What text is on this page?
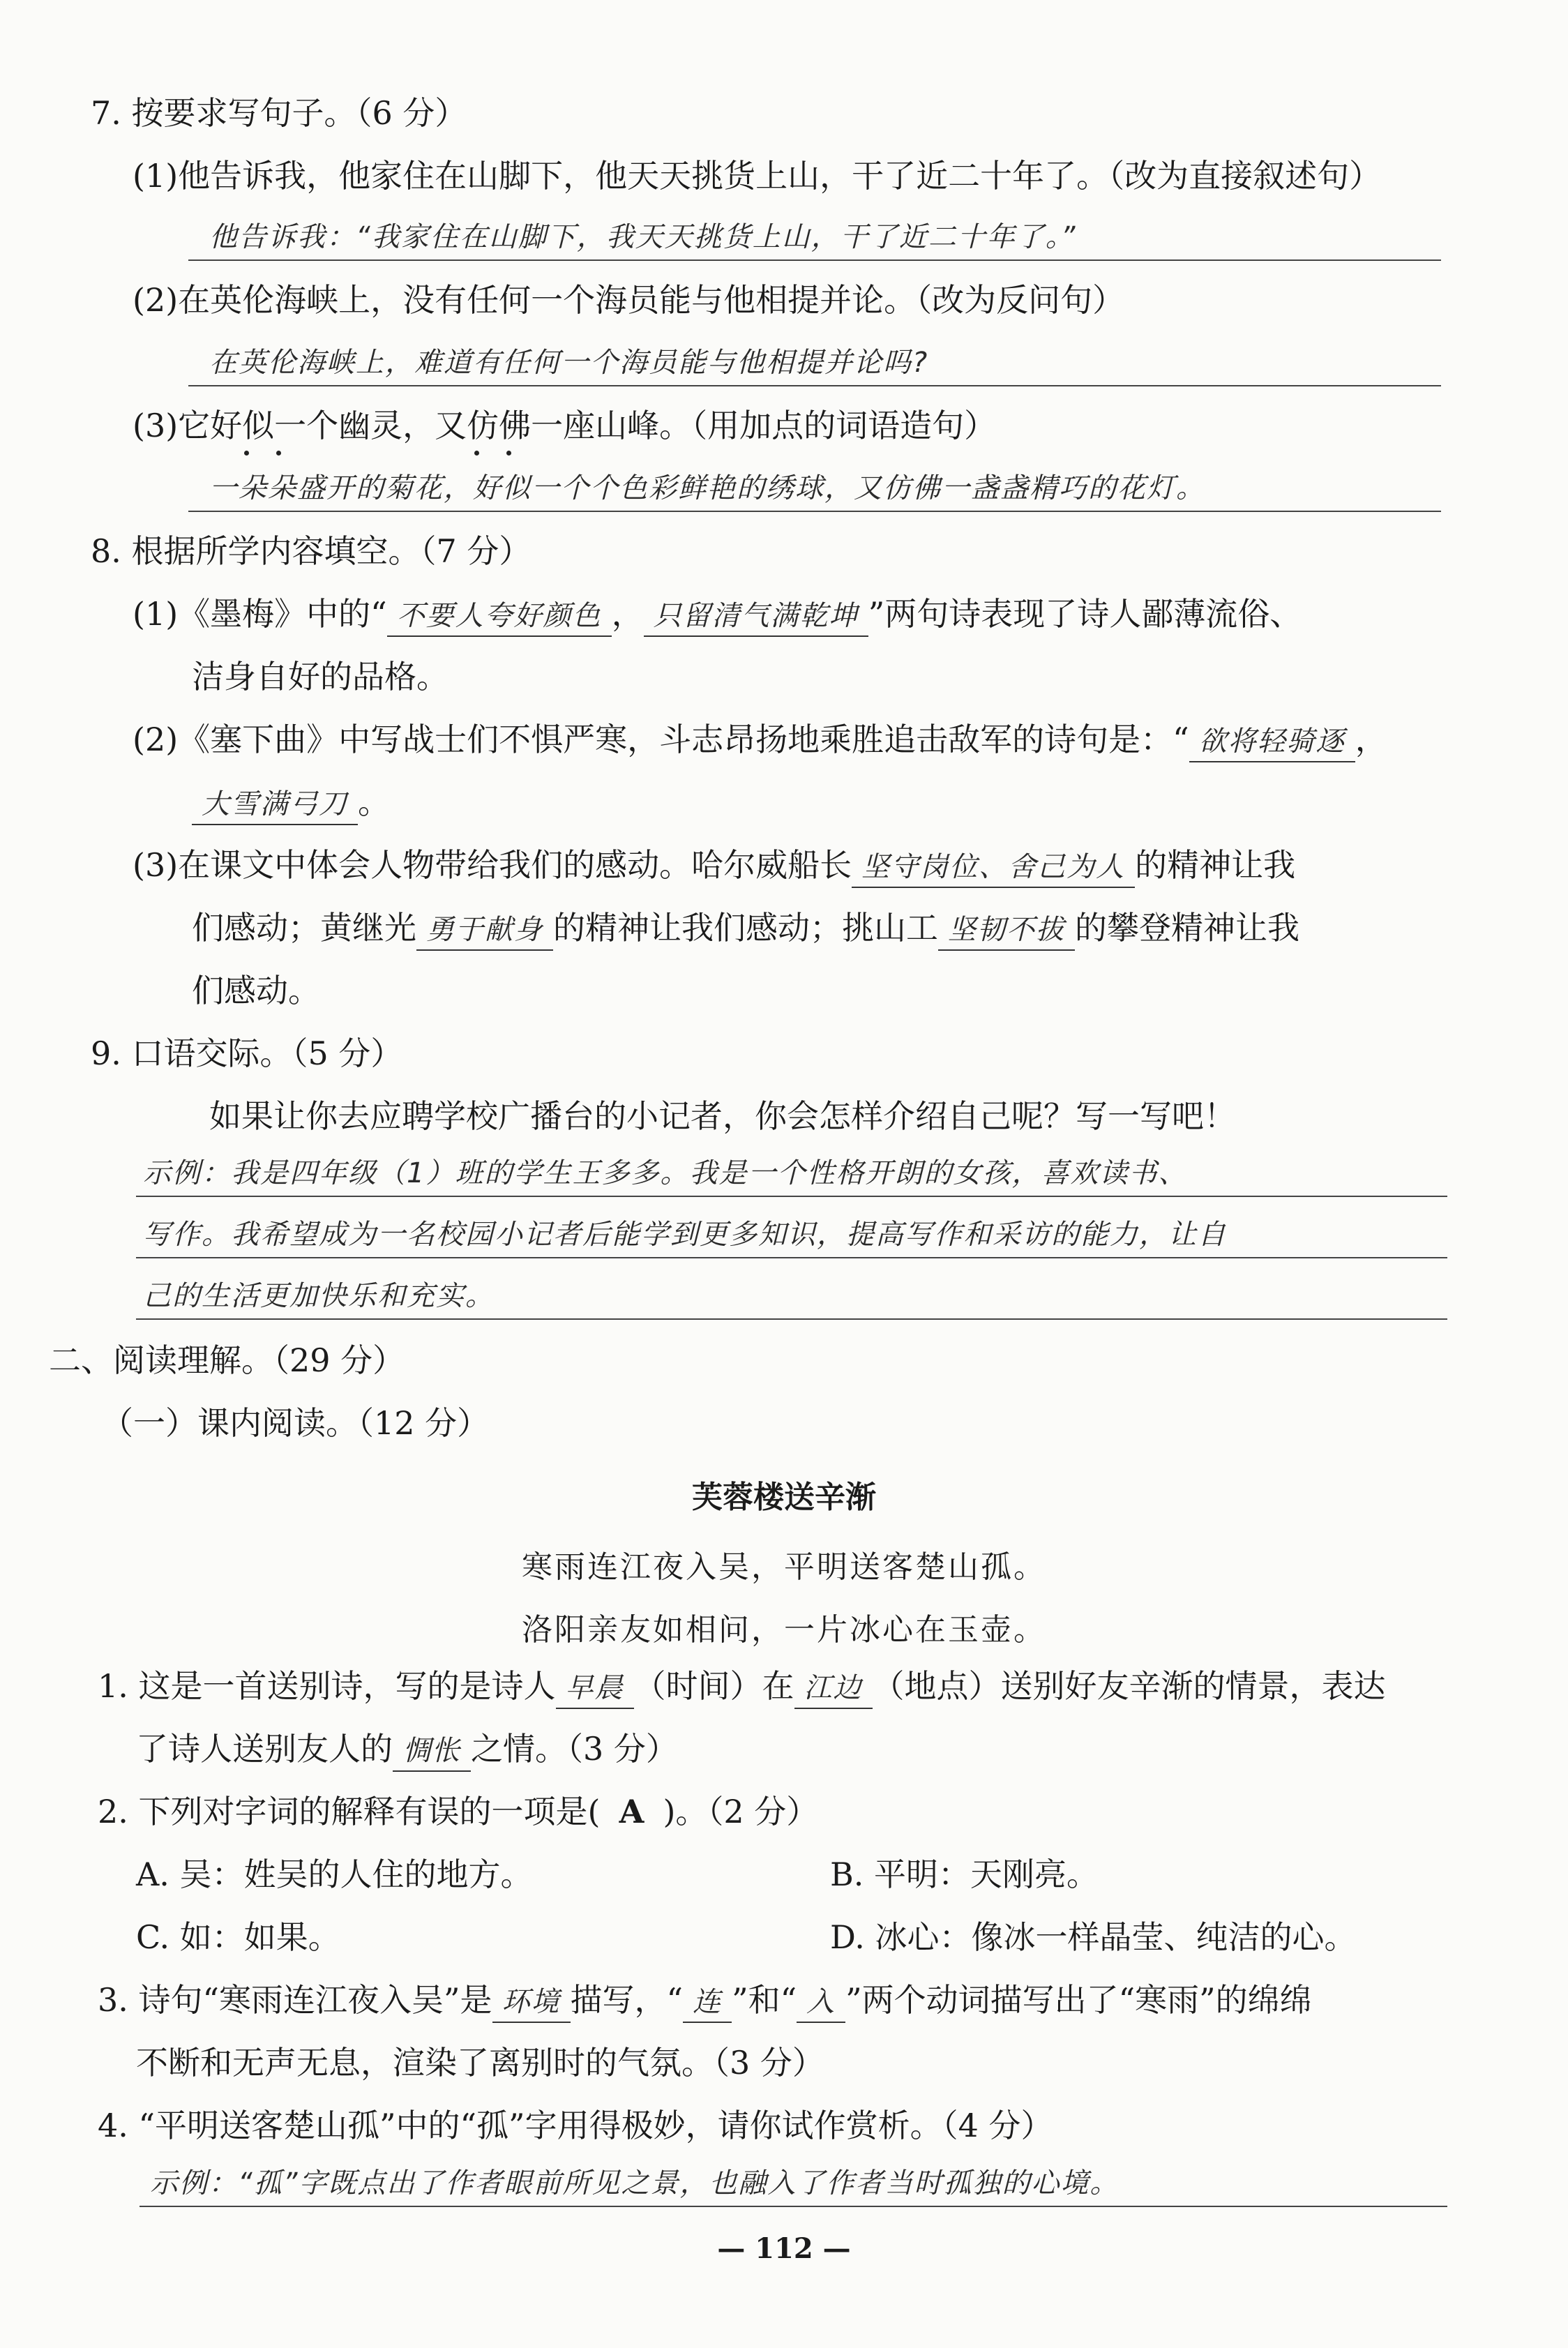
7. 按要求写句子。（6 分）
(1)他告诉我，他家住在山脚下，他天天挑货上山，干了近二十年了。（改为直接叙述句）
他告诉我：“我家住在山脚下，我天天挑货上山，干了近二十年了。”
(2)在英伦海峡上，没有任何一个海员能与他相提并论。（改为反问句）
在英伦海峡上，难道有任何一个海员能与他相提并论吗?
(3)它好似一个幽灵，又仿佛一座山峰。（用加点的词语造句）
一朵朵盛开的菊花，好似一个个色彩鲜艳的绣球，又仿佛一盏盏精巧的花灯。
8. 根据所学内容填空。（7 分）
(1)《墨梅》中的“ 不要人夸好颜色 ， 只留清气满乾坤 ”两句诗表现了诗人鄙薄流俗、
洁身自好的品格。
(2)《塞下曲》中写战士们不惧严寒，斗志昂扬地乘胜追击敌军的诗句是：“ 欲将轻骑逐 ，
大雪满弓刀 。
(3)在课文中体会人物带给我们的感动。哈尔威船长 坚守岗位、舍己为人 的精神让我
们感动；黄继光 勇于献身 的精神让我们感动；挑山工 坚韧不拔 的攀登精神让我
们感动。
9. 口语交际。（5 分）
如果让你去应聘学校广播台的小记者，你会怎样介绍自己呢？写一写吧！
示例：我是四年级（1）班的学生王多多。我是一个性格开朗的女孩，喜欢读书、
写作。我希望成为一名校园小记者后能学到更多知识，提高写作和采访的能力，让自
己的生活更加快乐和充实。
二、阅读理解。（29 分）
（一）课内阅读。（12 分）
芙蓉楼送辛渐
寒雨连江夜入吴，平明送客楚山孤。
洛阳亲友如相问，一片冰心在玉壶。
1. 这是一首送别诗，写的是诗人 早晨 （时间）在 江边 （地点）送别好友辛渐的情景，表达
了诗人送别友人的 惆怅 之情。（3 分）
2. 下列对字词的解释有误的一项是( A )。（2 分）
A. 吴：姓吴的人住的地方。	B. 平明：天刚亮。
C. 如：如果。	D. 冰心：像冰一样晶莹、纯洁的心。
3. 诗句“寒雨连江夜入吴”是 环境 描写，“ 连 ”和“ 入 ”两个动词描写出了“寒雨”的绵绵
不断和无声无息，渲染了离别时的气氛。（3 分）
4. “平明送客楚山孤”中的“孤”字用得极妙，请你试作赏析。（4 分）
示例：“孤”字既点出了作者眼前所见之景，也融入了作者当时孤独的心境。
— 112 —
